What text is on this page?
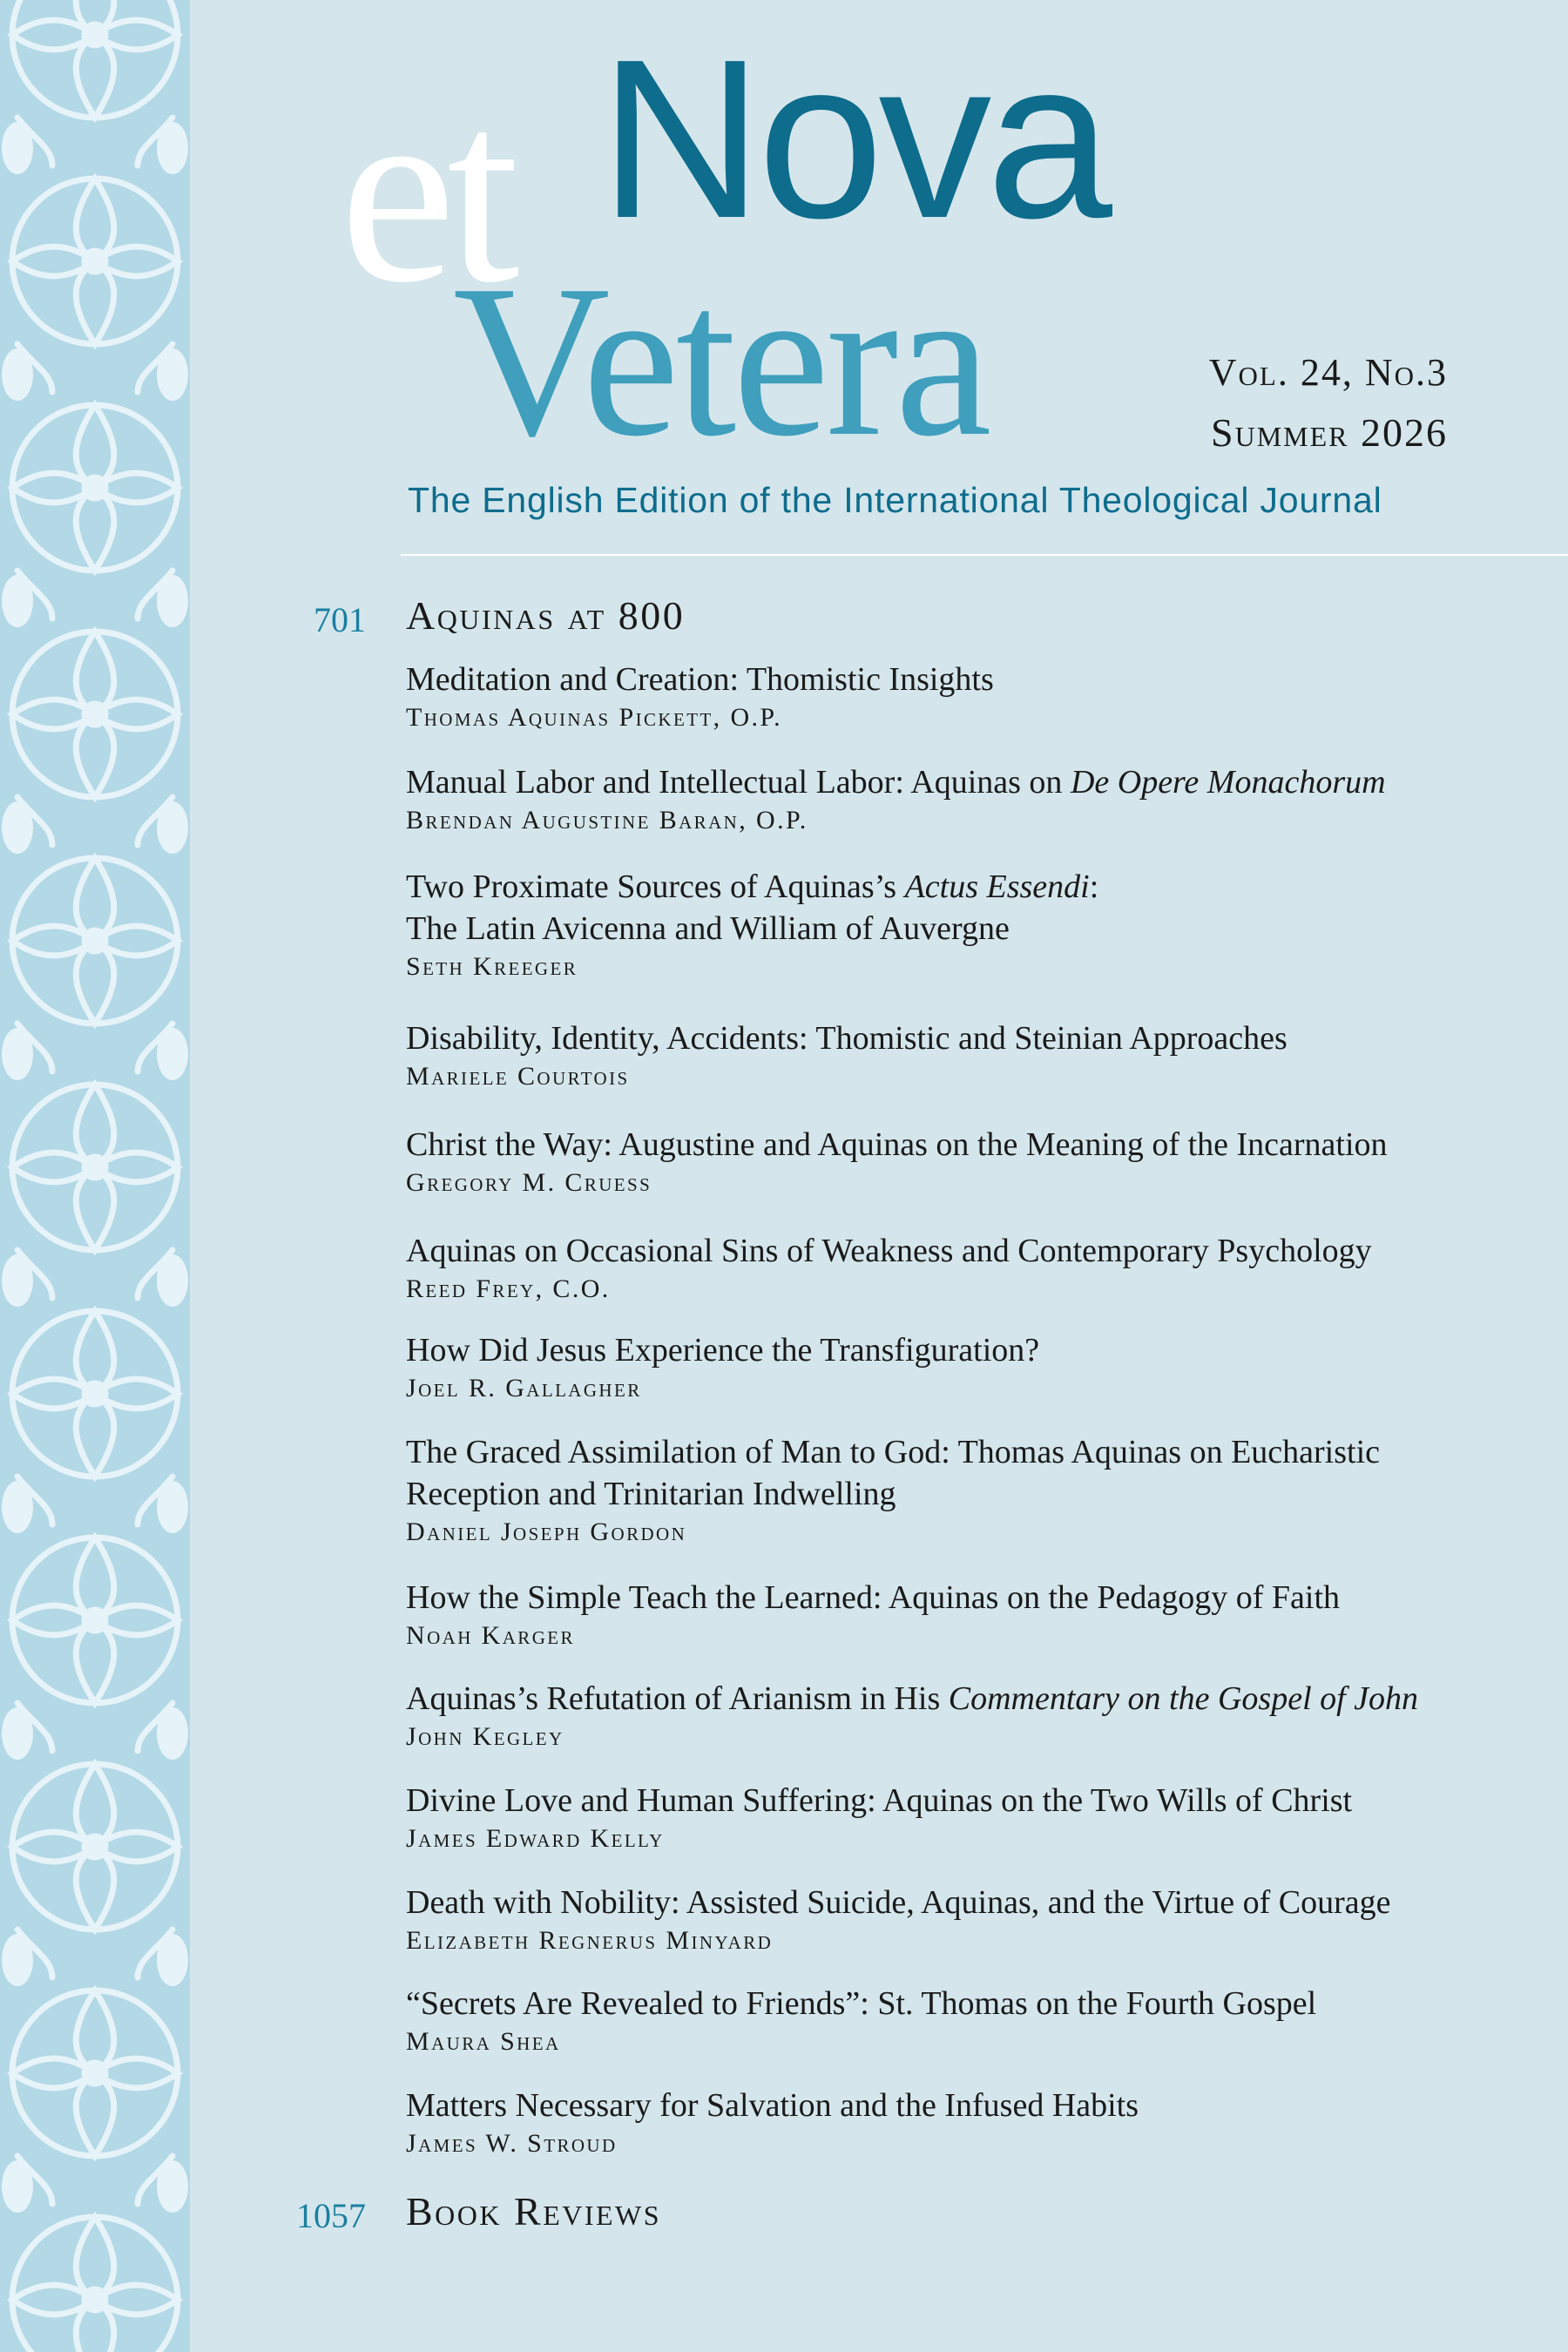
et Nova
Vetera	Vol. 24, No.3
Summer 2026
The English Edition of the International Theological Journal
701 Aquinas at 800
Meditation and Creation: Thomistic Insights
Thomas Aquinas Pickett, O.P.
Manual Labor and Intellectual Labor: Aquinas on De Opere Monachorum
Brendan Augustine Baran, O.P.
Two Proximate Sources of Aquinas’s Actus Essendi:
The Latin Avicenna and William of Auvergne
Seth Kreeger
Disability, Identity, Accidents: Thomistic and Steinian Approaches
Mariele Courtois
Christ the Way: Augustine and Aquinas on the Meaning of the Incarnation
Gregory M. Cruess
Aquinas on Occasional Sins of Weakness and Contemporary Psychology
Reed Frey, C.O.
How Did Jesus Experience the Transfiguration?
Joel R. Gallagher
The Graced Assimilation of Man to God: Thomas Aquinas on Eucharistic
Reception and Trinitarian Indwelling
Daniel Joseph Gordon
How the Simple Teach the Learned: Aquinas on the Pedagogy of Faith
Noah Karger
Aquinas’s Refutation of Arianism in His Commentary on the Gospel of John
John Kegley
Divine Love and Human Suffering: Aquinas on the Two Wills of Christ
James Edward Kelly
Death with Nobility: Assisted Suicide, Aquinas, and the Virtue of Courage
Elizabeth Regnerus Minyard
“Secrets Are Revealed to Friends”: St. Thomas on the Fourth Gospel
Maura Shea
Matters Necessary for Salvation and the Infused Habits
James W. Stroud
1057 Book Reviews
